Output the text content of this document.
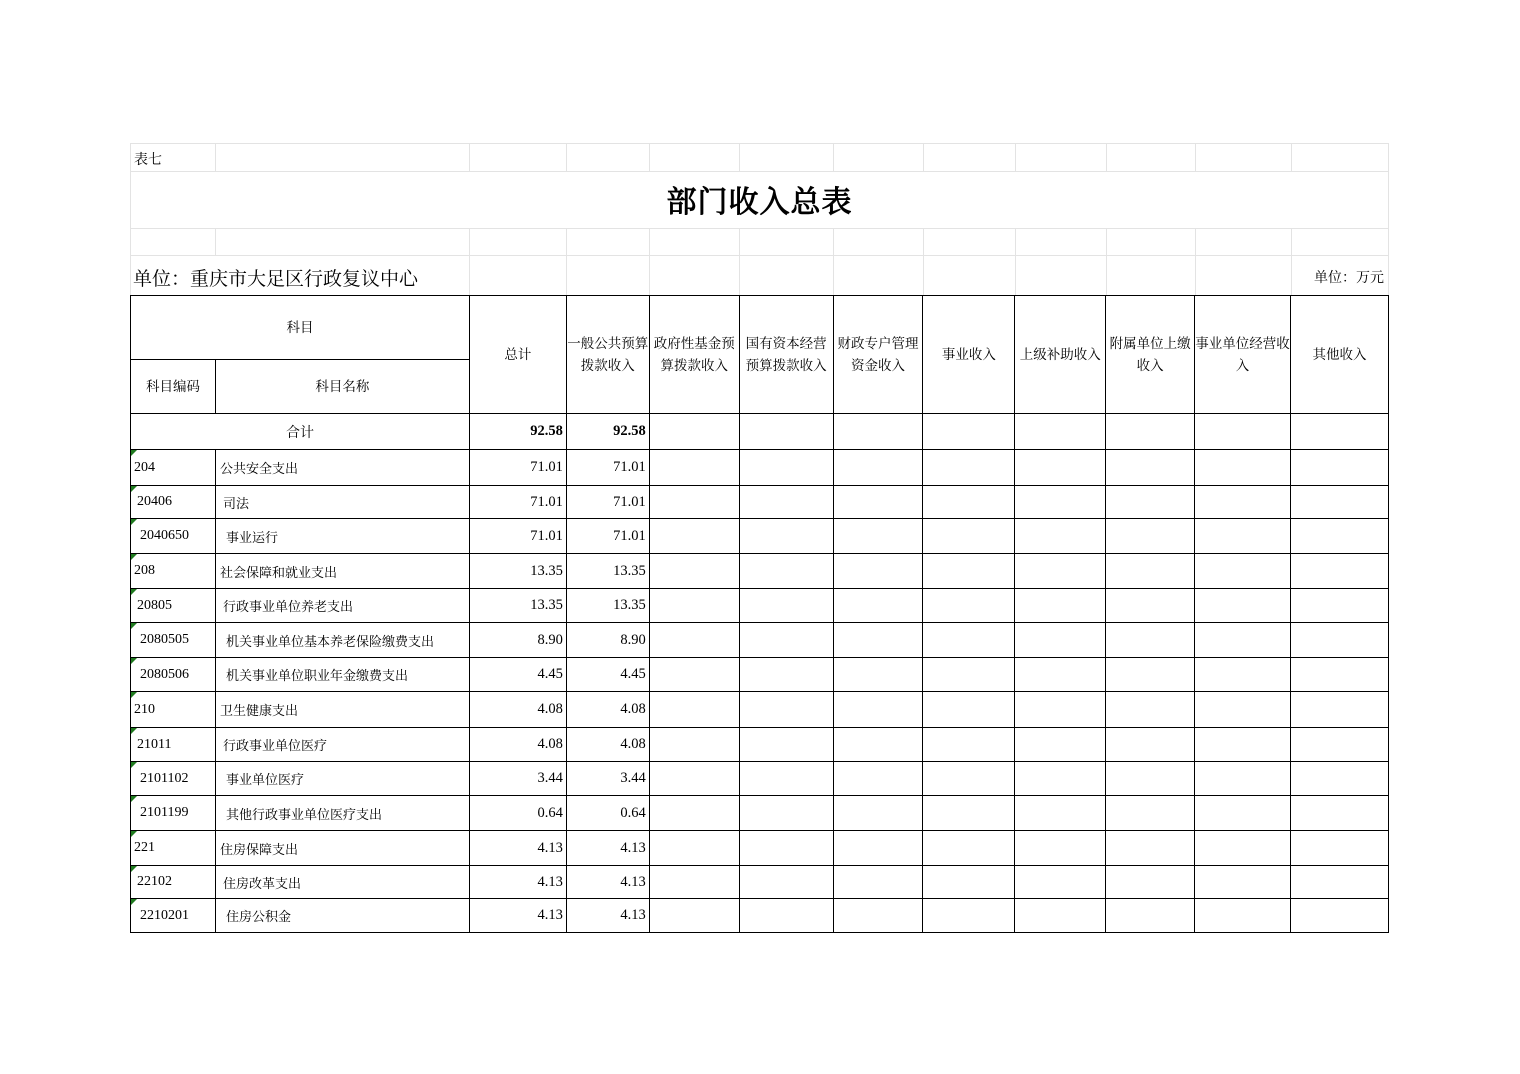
表七
部门收入总表
单位：重庆市大足区行政复议中心	单位：万元
科目		总计	一般公共预算拨款收入	政府性基金预算拨款收入	国有资本经营预算拨款收入	财政专户管理资金收入	事业收入	上级补助收入	附属单位上缴收入	事业单位经营收入	其他收入
科目编码	科目名称										
合计		92.58	92.58								

204	公共安全支出	71.01	71.01								

20406	司法	71.01	71.01								

2040650	事业运行	71.01	71.01								

208	社会保障和就业支出	13.35	13.35								

20805	行政事业单位养老支出	13.35	13.35								

2080505	机关事业单位基本养老保险缴费支出	8.90	8.90								

2080506	机关事业单位职业年金缴费支出	4.45	4.45								

210	卫生健康支出	4.08	4.08								

21011	行政事业单位医疗	4.08	4.08								

2101102	事业单位医疗	3.44	3.44								

2101199	其他行政事业单位医疗支出	0.64	0.64								

221	住房保障支出	4.13	4.13								

22102	住房改革支出	4.13	4.13								

2210201	住房公积金	4.13	4.13								
